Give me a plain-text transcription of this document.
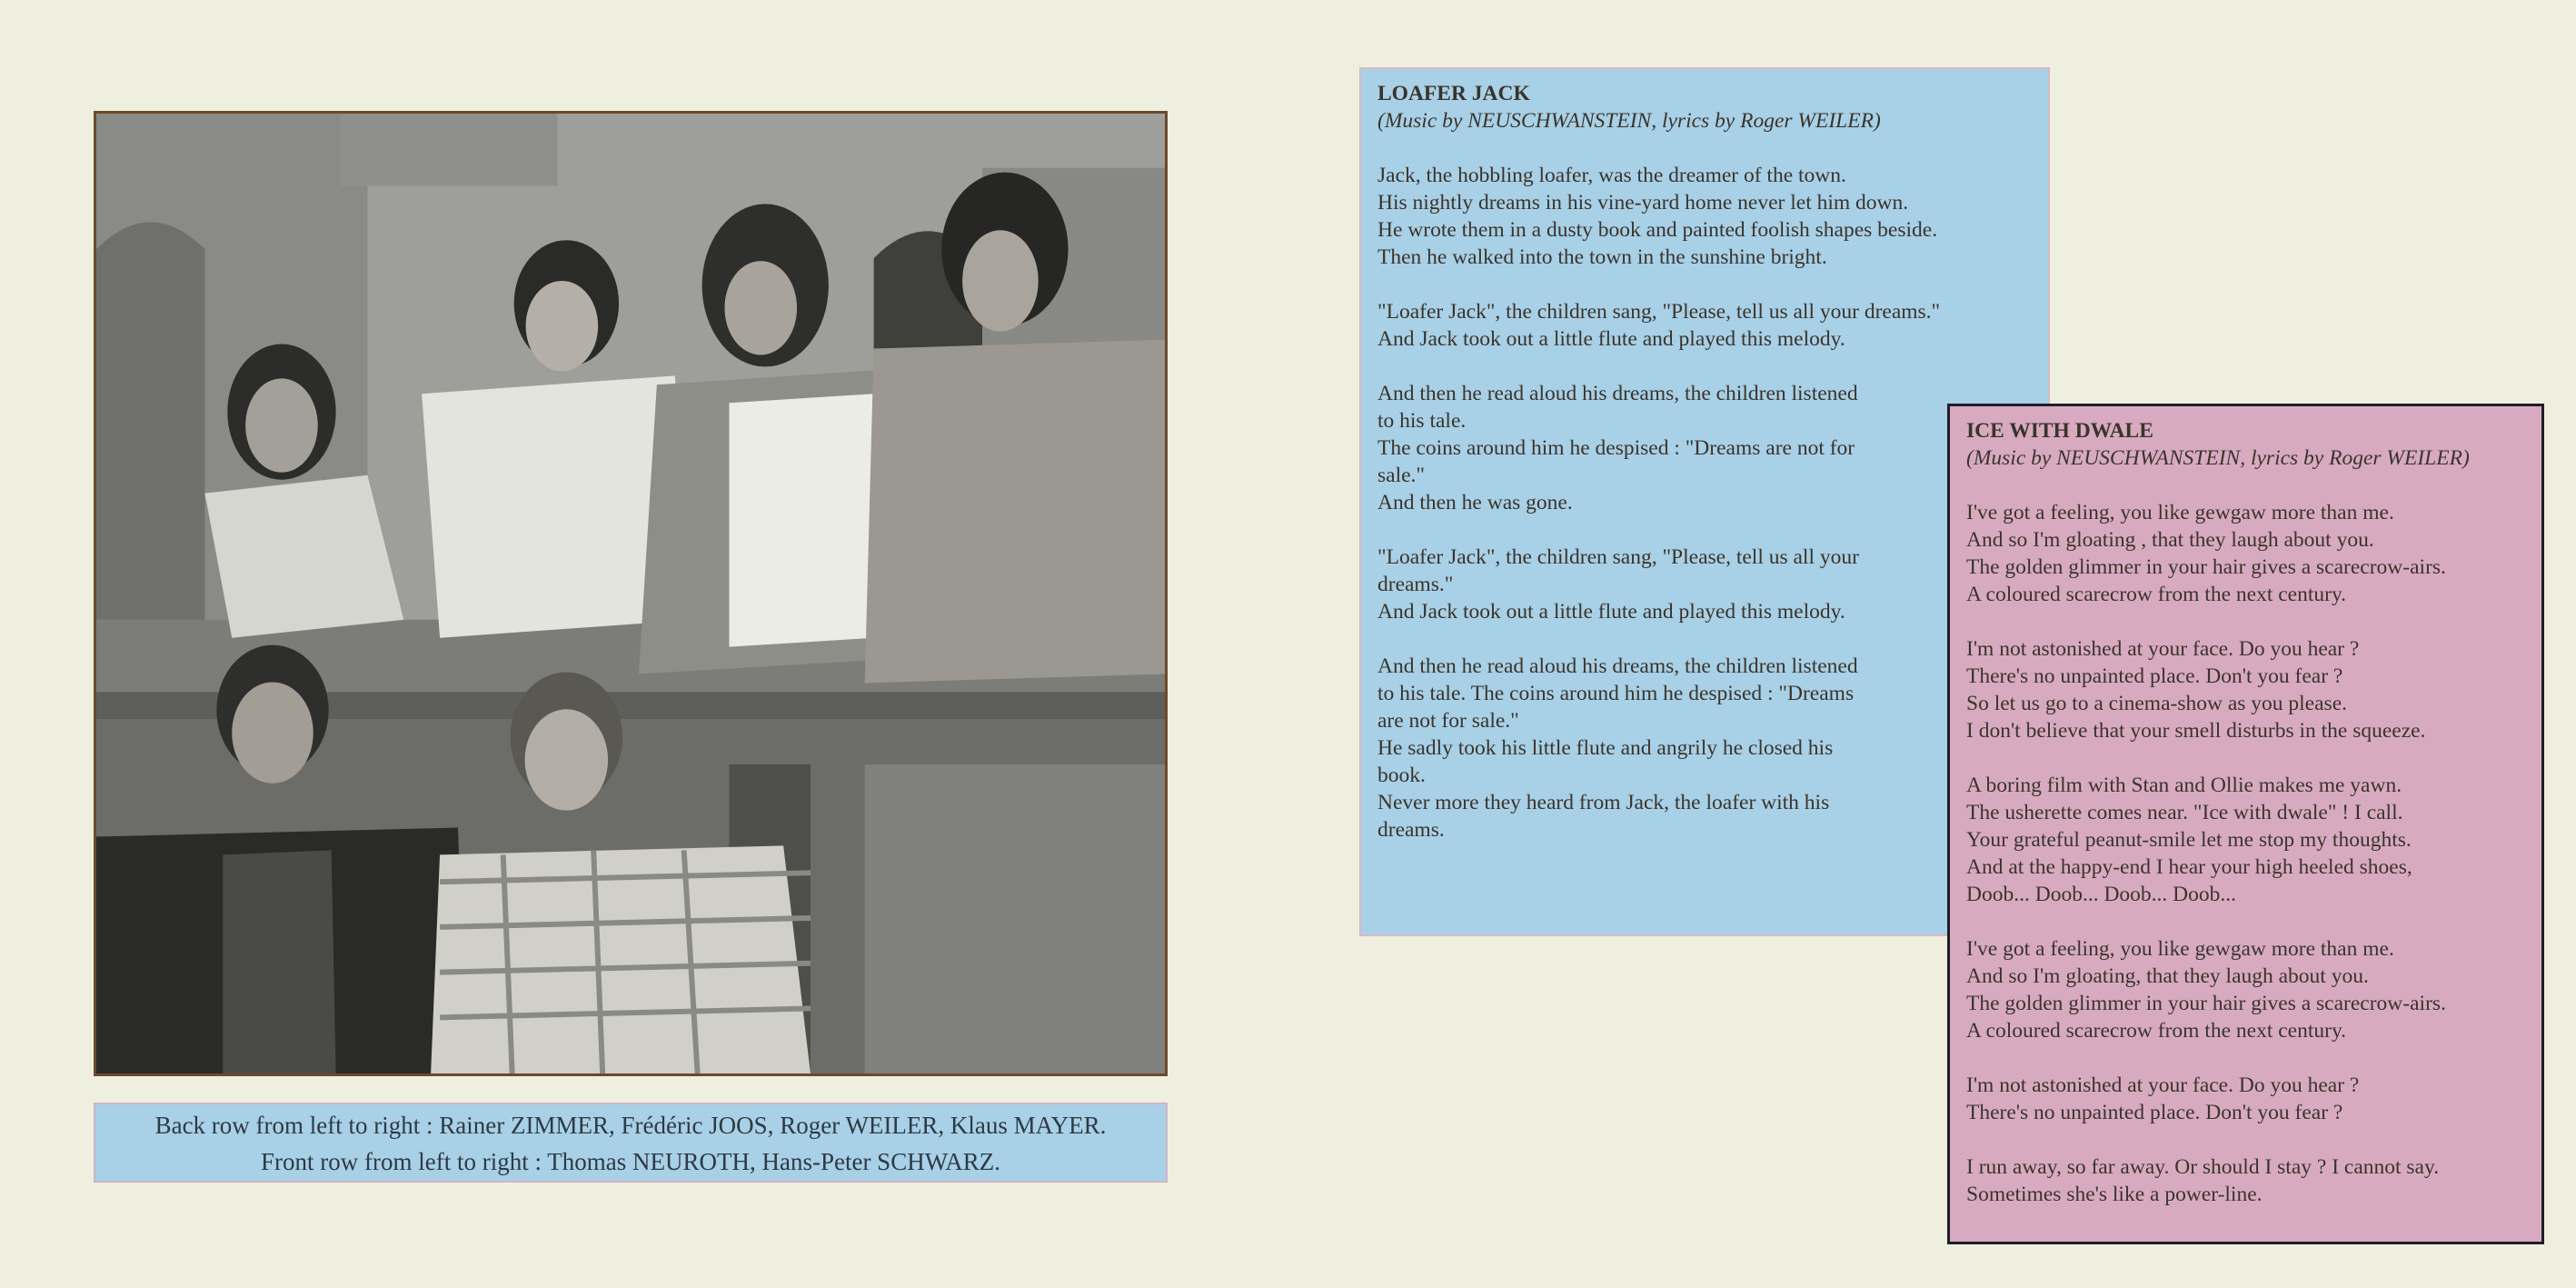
Back row from left to right : Rainer ZIMMER, Frédéric JOOS, Roger WEILER, Klaus MAYER.
Front row from left to right : Thomas NEUROTH, Hans-Peter SCHWARZ.

LOAFER JACK

(Music by NEUSCHWANSTEIN, lyrics by Roger WEILER)

Jack, the hobbling loafer, was the dreamer of the town.

His nightly dreams in his vine-yard home never let him down.

He wrote them in a dusty book and painted foolish shapes beside.

Then he walked into the town in the sunshine bright.

"Loafer Jack", the children sang, "Please, tell us all your dreams."

And Jack took out a little flute and played this melody.

And then he read aloud his dreams, the children listened

to his tale.

The coins around him he despised : "Dreams are not for

sale."

And then he was gone.

"Loafer Jack", the children sang, "Please, tell us all your

dreams."

And Jack took out a little flute and played this melody.

And then he read aloud his dreams, the children listened

to his tale. The coins around him he despised : "Dreams

are not for sale."

He sadly took his little flute and angrily he closed his

book.

Never more they heard from Jack, the loafer with his

dreams.

ICE WITH DWALE

(Music by NEUSCHWANSTEIN, lyrics by Roger WEILER)

I've got a feeling, you like gewgaw more than me.

And so I'm gloating , that they laugh about you.

The golden glimmer in your hair gives a scarecrow-airs.

A coloured scarecrow from the next century.

I'm not astonished at your face. Do you hear ?

There's no unpainted place. Don't you fear ?

So let us go to a cinema-show as you please.

I don't believe that your smell disturbs in the squeeze.

A boring film with Stan and Ollie makes me yawn.

The usherette comes near. "Ice with dwale" ! I call.

Your grateful peanut-smile let me stop my thoughts.

And at the happy-end I hear your high heeled shoes,

Doob... Doob... Doob... Doob...

I've got a feeling, you like gewgaw more than me.

And so I'm gloating, that they laugh about you.

The golden glimmer in your hair gives a scarecrow-airs.

A coloured scarecrow from the next century.

I'm not astonished at your face. Do you hear ?

There's no unpainted place. Don't you fear ?

I run away, so far away. Or should I stay ? I cannot say.

Sometimes she's like a power-line.
